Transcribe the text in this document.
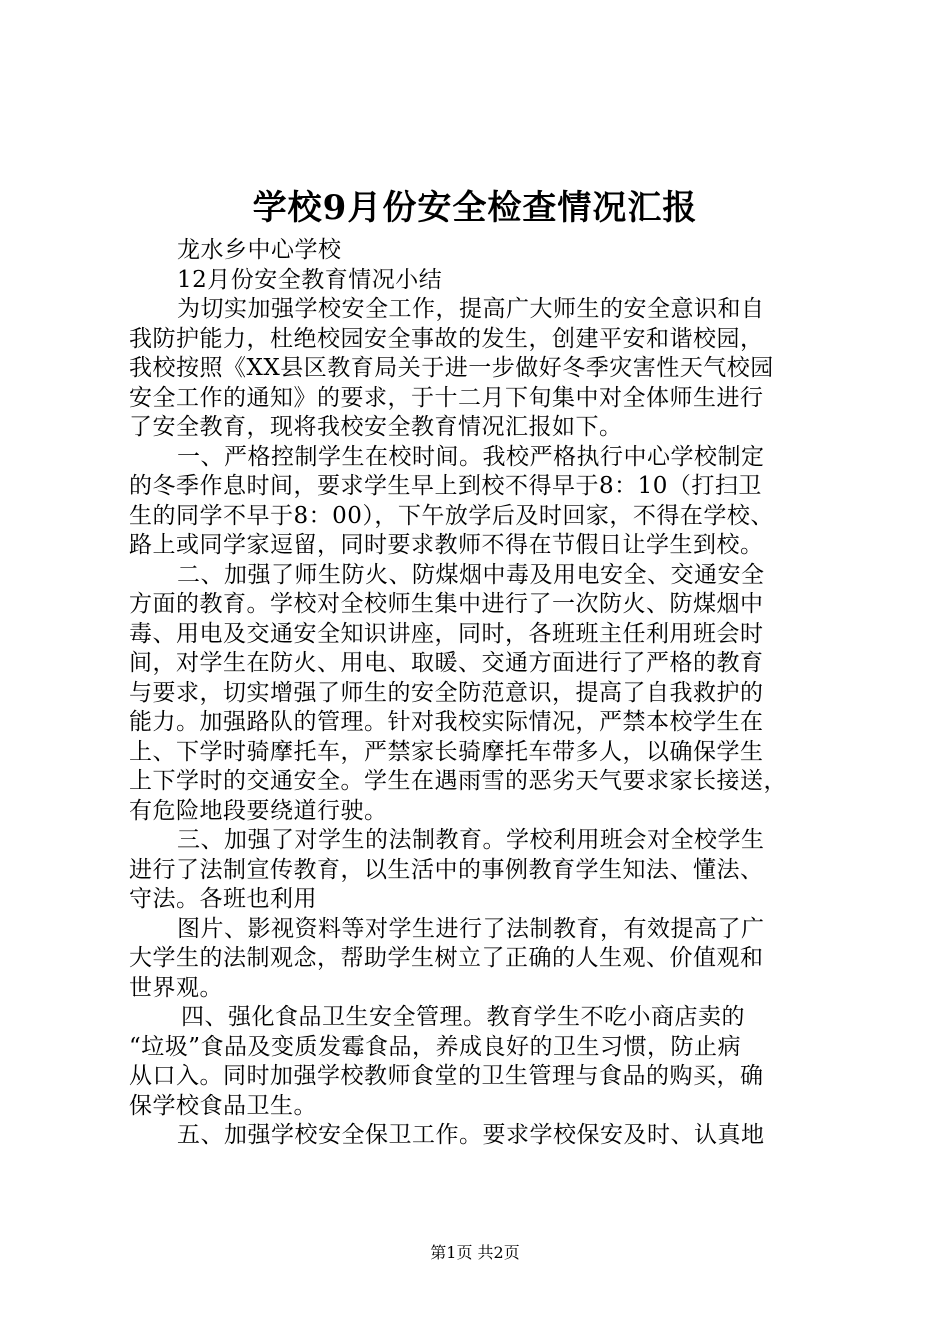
学校9月份安全检查情况汇报
龙水乡中心学校
12月份安全教育情况小结
为切实加强学校安全工作，提高广大师生的安全意识和自
我防护能力，杜绝校园安全事故的发生，创建平安和谐校园，
我校按照《XX县区教育局关于进一步做好冬季灾害性天气校园
安全工作的通知》的要求，于十二月下旬集中对全体师生进行
了安全教育，现将我校安全教育情况汇报如下。
一、严格控制学生在校时间。我校严格执行中心学校制定
的冬季作息时间，要求学生早上到校不得早于8：10（打扫卫
生的同学不早于8：00），下午放学后及时回家，不得在学校、
路上或同学家逗留，同时要求教师不得在节假日让学生到校。
二、加强了师生防火、防煤烟中毒及用电安全、交通安全
方面的教育。学校对全校师生集中进行了一次防火、防煤烟中
毒、用电及交通安全知识讲座，同时，各班班主任利用班会时
间，对学生在防火、用电、取暖、交通方面进行了严格的教育
与要求，切实增强了师生的安全防范意识，提高了自我救护的
能力。加强路队的管理。针对我校实际情况，严禁本校学生在
上、下学时骑摩托车，严禁家长骑摩托车带多人，以确保学生
上下学时的交通安全。学生在遇雨雪的恶劣天气要求家长接送，
有危险地段要绕道行驶。
三、加强了对学生的法制教育。学校利用班会对全校学生
进行了法制宣传教育，以生活中的事例教育学生知法、懂法、
守法。各班也利用
图片、影视资料等对学生进行了法制教育，有效提高了广
大学生的法制观念，帮助学生树立了正确的人生观、价值观和
世界观。
四、强化食品卫生安全管理。教育学生不吃小商店卖的
“垃圾”食品及变质发霉食品，养成良好的卫生习惯，防止病
从口入。同时加强学校教师食堂的卫生管理与食品的购买，确
保学校食品卫生。
五、加强学校安全保卫工作。要求学校保安及时、认真地
第1页 共2页
